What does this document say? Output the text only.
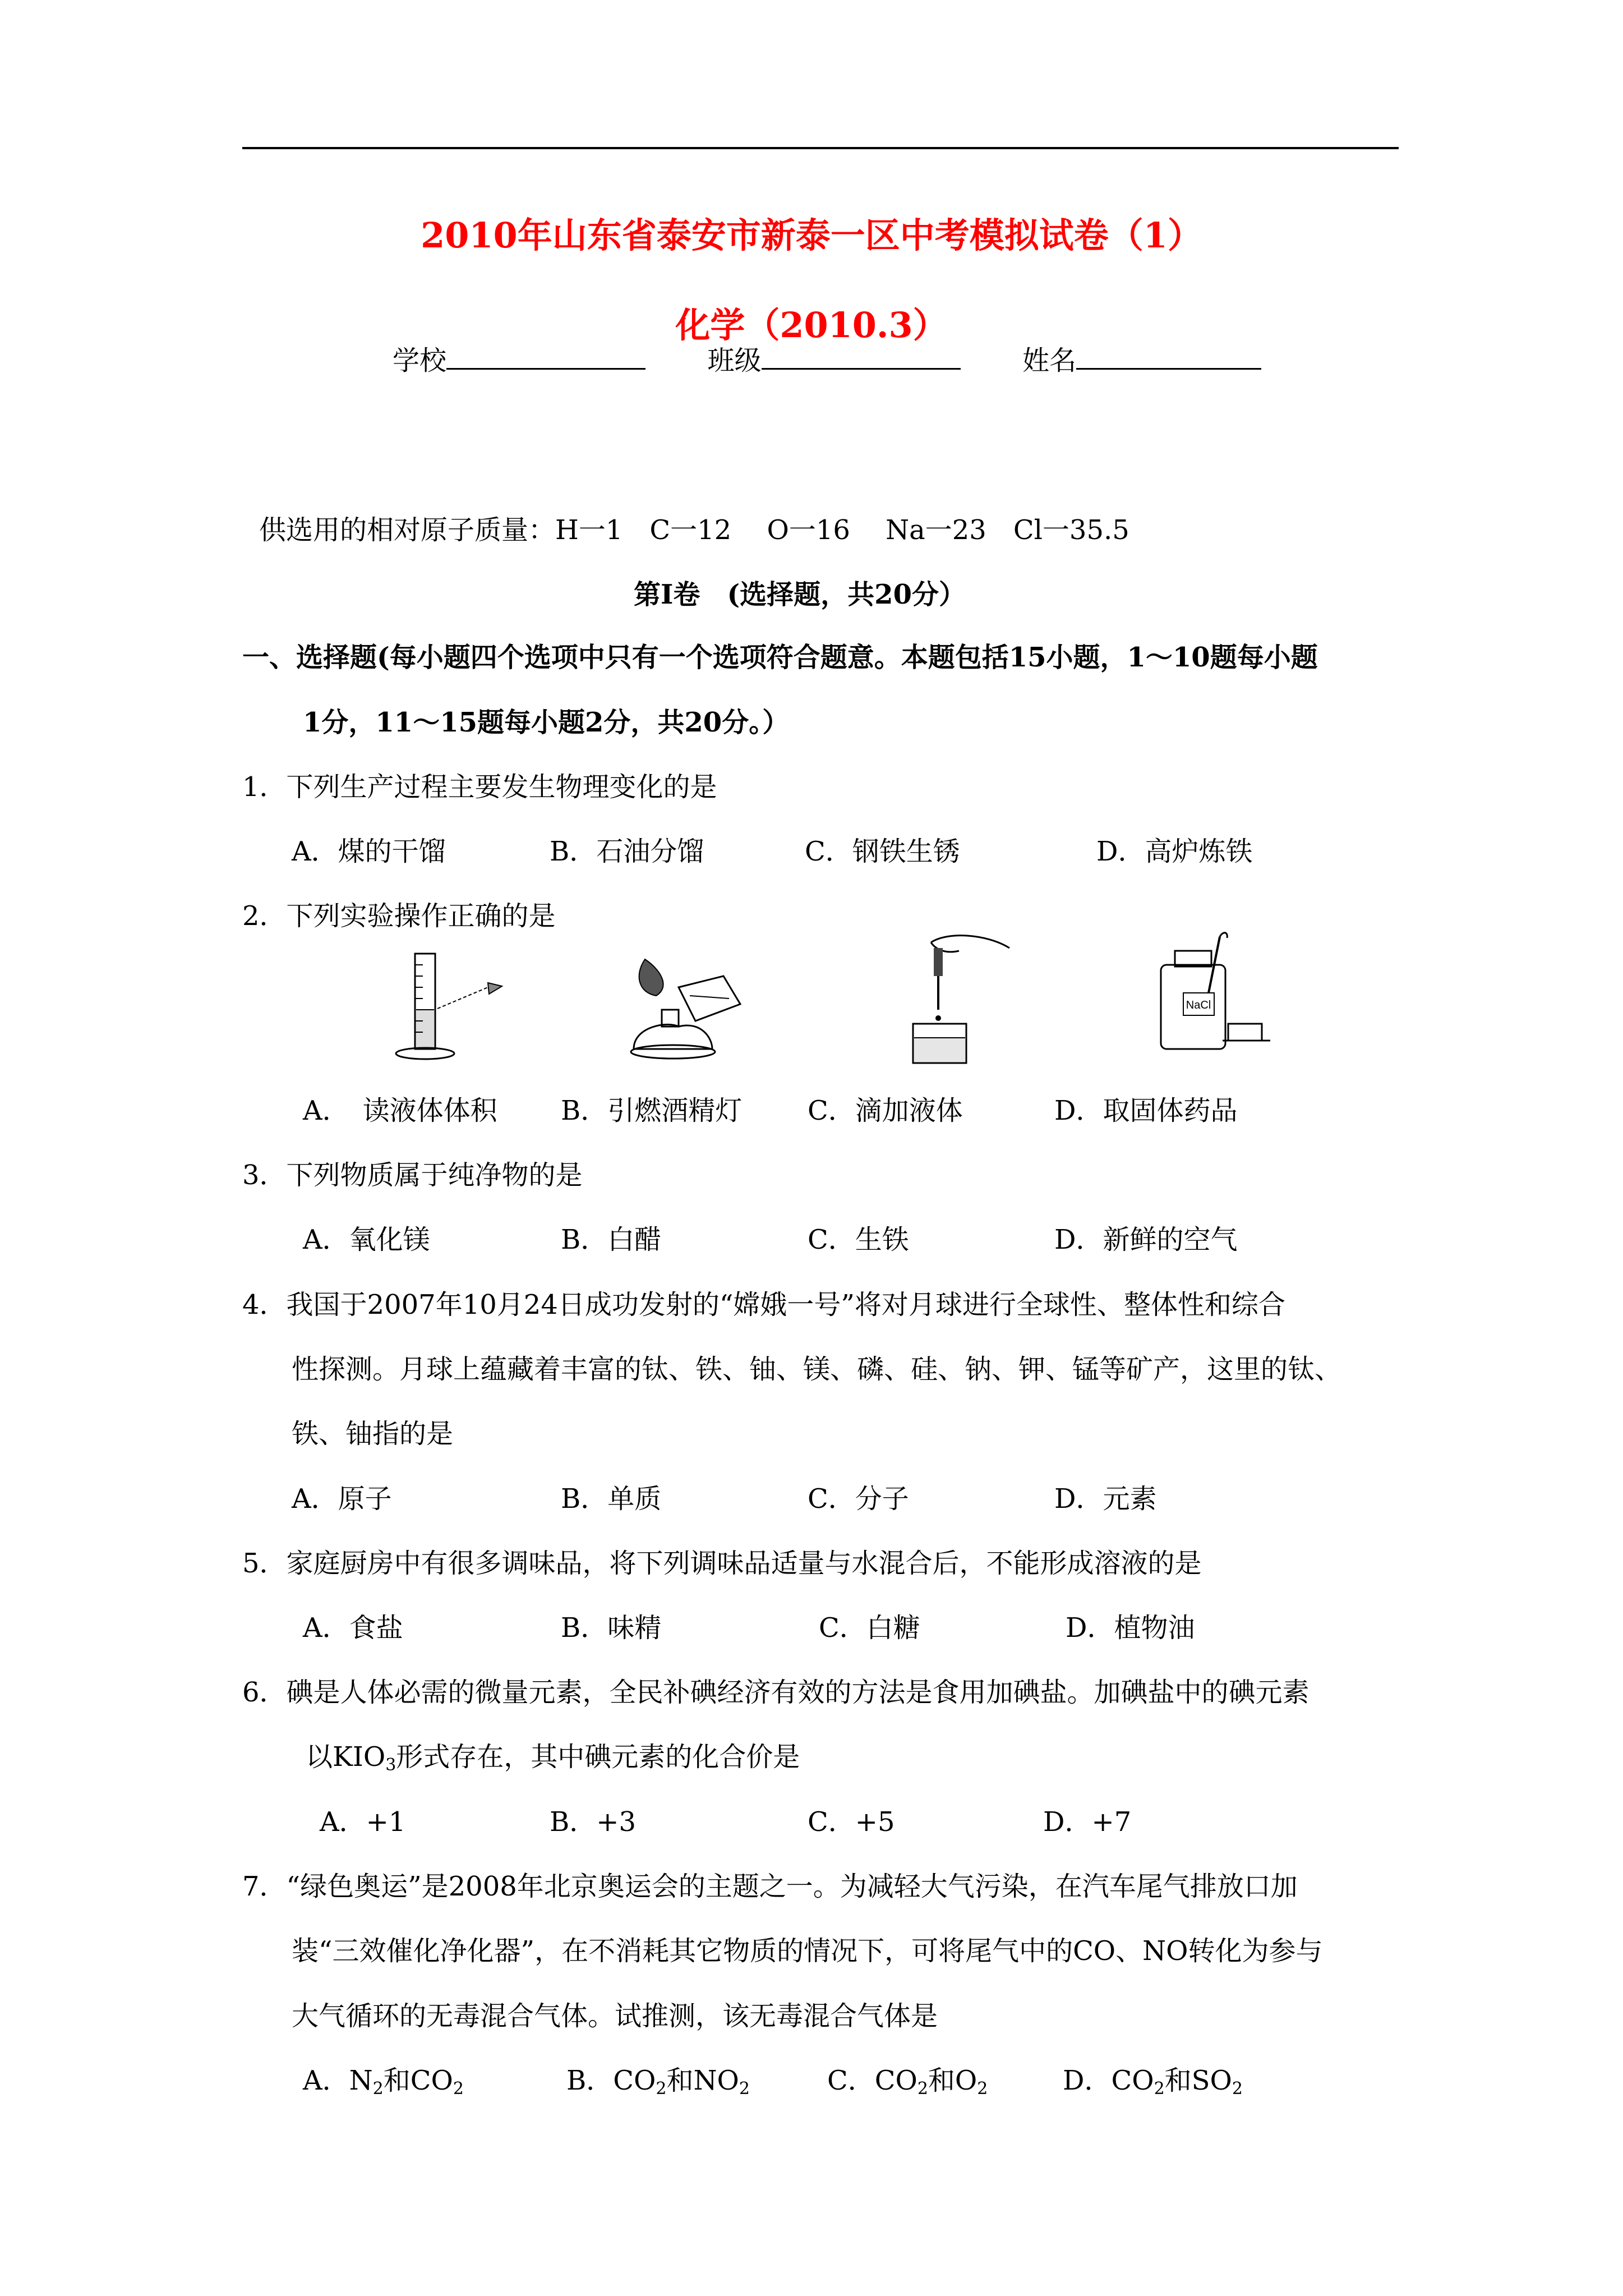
2010年山东省泰安市新泰一区中考模拟试卷（1）
化学（2010.3）
学校	班级	姓名
供选用的相对原子质量：H一1　C一12　 O一16　 Na一23　Cl一35.5
第Ⅰ卷　(选择题，共20分）
一、选择题(每小题四个选项中只有一个选项符合题意。本题包括15小题，1～10题每小题
1分，11～15题每小题2分，共20分。）
1．下列生产过程主要发生物理变化的是
A．煤的干馏	B．石油分馏	C．钢铁生锈	D．高炉炼铁
2．下列实验操作正确的是
NaCl
A．　读液体体积 B．引燃酒精灯 C．滴加液体	D．取固体药品
3．下列物质属于纯净物的是
A．氧化镁	B．白醋	C．生铁	D．新鲜的空气
4．我国于2007年10月24日成功发射的“嫦娥一号”将对月球进行全球性、整体性和综合
性探测。月球上蕴藏着丰富的钛、铁、铀、镁、磷、硅、钠、钾、锰等矿产，这里的钛、
铁、铀指的是
A．原子	B．单质	C．分子	D．元素
5．家庭厨房中有很多调味品，将下列调味品适量与水混合后，不能形成溶液的是
A．食盐	B．味精	C．白糖	D．植物油
6．碘是人体必需的微量元素，全民补碘经济有效的方法是食用加碘盐。加碘盐中的碘元素
以$KIO_3$形式存在，其中碘元素的化合价是
A．+1	B．+3	C．+5	D．+7
7．“绿色奥运”是2008年北京奥运会的主题之一。为减轻大气污染，在汽车尾气排放口加
装“三效催化净化器”，在不消耗其它物质的情况下，可将尾气中的CO、NO转化为参与
大气循环的无毒混合气体。试推测，该无毒混合气体是
A．$N_2$和$CO_2$	B．$CO_2$和$NO_2$	C．$CO_2$和$O_2$	D．$CO_2$和$SO_2$
